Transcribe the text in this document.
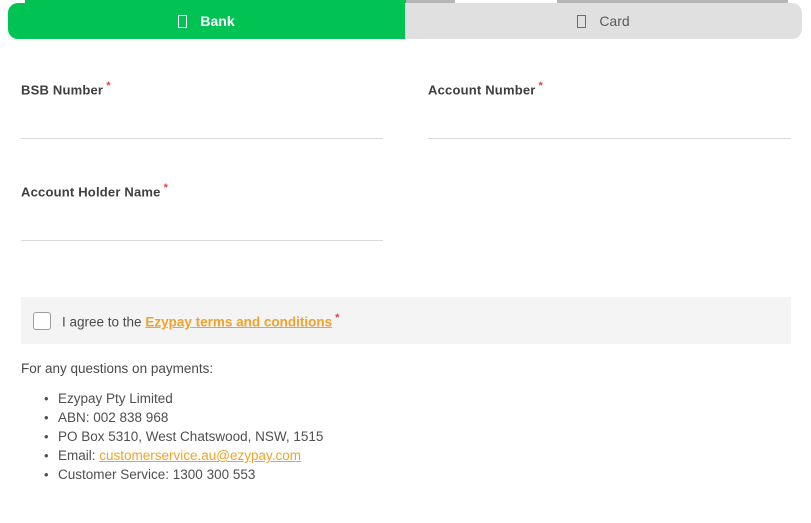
Bank	Card
BSB Number *	Account Number *
Account Holder Name *
I agree to the Ezypay terms and conditions *
For any questions on payments:
• Ezypay Pty Limited
• ABN: 002 838 968
• PO Box 5310, West Chatswood, NSW, 1515
• Email: customerservice.au@ezypay.com
• Customer Service: 1300 300 553
